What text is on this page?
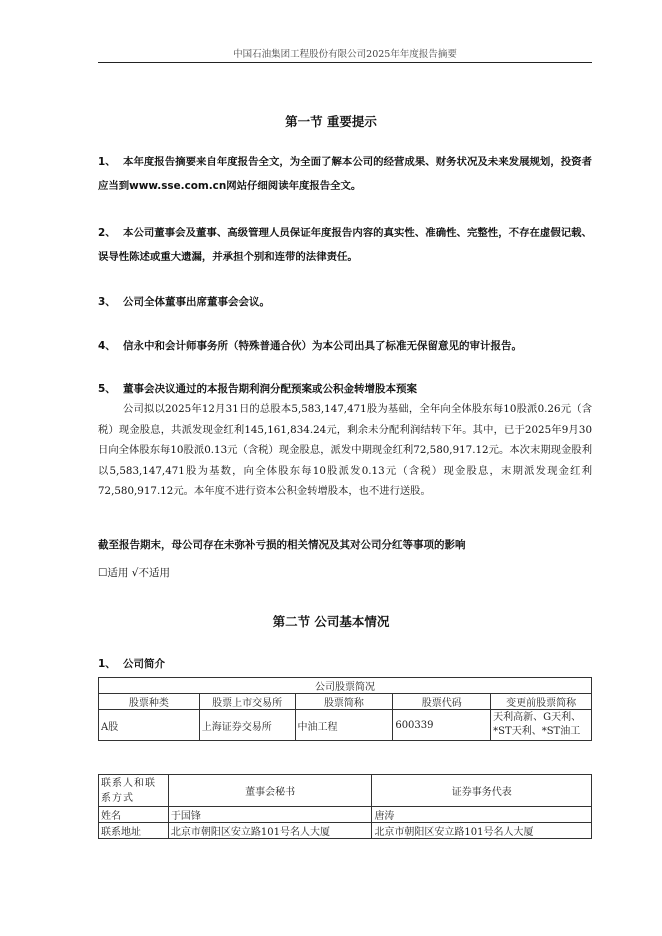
中国石油集团工程股份有限公司2025年年度报告摘要
第一节 重要提示
1、 本年度报告摘要来自年度报告全文，为全面了解本公司的经营成果、财务状况及未来发展规划，投资者应当到www.sse.com.cn网站仔细阅读年度报告全文。
2、 本公司董事会及董事、高级管理人员保证年度报告内容的真实性、准确性、完整性，不存在虚假记载、误导性陈述或重大遗漏，并承担个别和连带的法律责任。
3、 公司全体董事出席董事会会议。
4、 信永中和会计师事务所（特殊普通合伙）为本公司出具了标准无保留意见的审计报告。
5、 董事会决议通过的本报告期利润分配预案或公积金转增股本预案
公司拟以2025年12月31日的总股本5,583,147,471股为基础，全年向全体股东每10股派0.26元（含税）现金股息，共派发现金红利145,161,834.24元，剩余未分配利润结转下年。其中，已于2025年9月30日向全体股东每10股派0.13元（含税）现金股息，派发中期现金红利72,580,917.12元。本次末期现金股利以5,583,147,471股为基数，向全体股东每10股派发0.13元（含税）现金股息，末期派发现金红利72,580,917.12元。本年度不进行资本公积金转增股本，也不进行送股。
截至报告期末，母公司存在未弥补亏损的相关情况及其对公司分红等事项的影响
☐适用 √不适用
第二节 公司基本情况
1、 公司简介
公司股票简况				
股票种类	股票上市交易所	股票简称	股票代码	变更前股票简称
A股	上海证券交易所	中油工程	600339	天利高新、G天利、*ST天利、*ST油工
联系人和联系方式	董事会秘书	证券事务代表
姓名	于国锋	唐涛
联系地址	北京市朝阳区安立路101号名人大厦	北京市朝阳区安立路101号名人大厦
